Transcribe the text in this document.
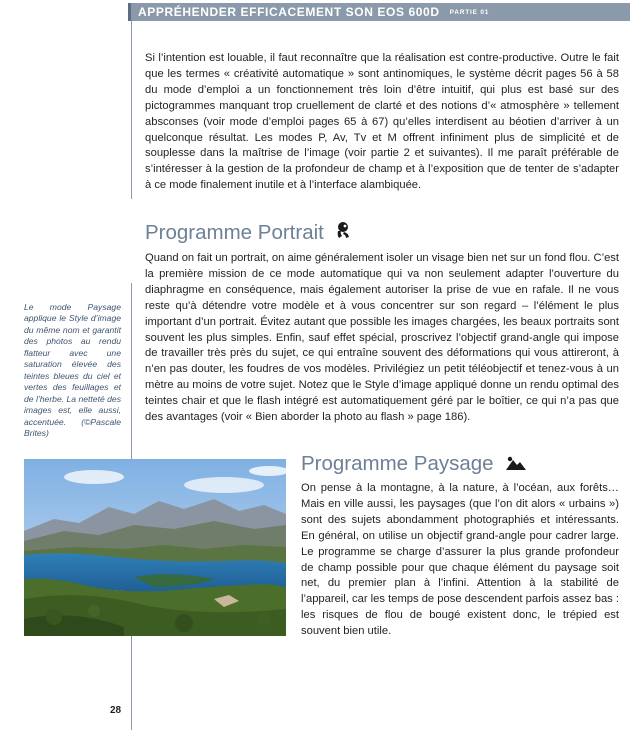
APPRÉHENDER EFFICACEMENT SON EOS 600D PARTIE 01

Si l’intention est louable, il faut reconnaître que la réalisation est contre-productive. Outre le fait que les termes « créativité automatique » sont antinomiques, le système décrit pages 56 à 58 du mode d’emploi a un fonctionnement très loin d’être intuitif, qui plus est basé sur des pictogrammes manquant trop cruellement de clarté et des notions d’« atmosphère » tellement absconses (voir mode d’emploi pages 65 à 67) qu’elles interdisent au béotien d’arriver à un quelconque résultat. Les modes P, Av, Tv et M offrent infiniment plus de simplicité et de souplesse dans la maîtrise de l’image (voir partie 2 et suivantes). Il me paraît préférable de s’intéresser à la gestion de la profondeur de champ et à l’exposition que de tenter de s’adapter à ce mode finalement inutile et à l’interface alambiquée.

Programme Portrait

Quand on fait un portrait, on aime généralement isoler un visage bien net sur un fond flou. C’est la première mission de ce mode automatique qui va non seulement adapter l’ouverture du diaphragme en conséquence, mais également autoriser la prise de vue en rafale. Il ne vous reste qu’à détendre votre modèle et à vous concentrer sur son regard – l’élément le plus important d’un portrait. Évitez autant que possible les images chargées, les beaux portraits sont souvent les plus simples. Enfin, sauf effet spécial, proscrivez l’objectif grand-angle qui impose de travailler très près du sujet, ce qui entraîne souvent des déformations qui vous attireront, à n’en pas douter, les foudres de vos modèles. Privilégiez un petit téléobjectif et tenez-vous à un mètre au moins de votre sujet. Notez que le Style d’image appliqué donne un rendu optimal des teintes chair et que le flash intégré est automatiquement géré par le boîtier, ce qui n’a pas que des avantages (voir « Bien aborder la photo au flash » page 186).

Le mode Paysage applique le Style d’image du même nom et garantit des photos au rendu flatteur avec une saturation élevée des teintes bleues du ciel et vertes des feuillages et de l’herbe. La netteté des images est, elle aussi, accentuée. (©Pascale Brites)

Programme Paysage

On pense à la montagne, à la nature, à l’océan, aux forêts… Mais en ville aussi, les paysages (que l’on dit alors « urbains ») sont des sujets abondamment photographiés et intéressants. En général, on utilise un objectif grand-angle pour cadrer large. Le programme se charge d’assurer la plus grande profondeur de champ possible pour que chaque élément du paysage soit net, du premier plan à l’infini. Attention à la stabilité de l’appareil, car les temps de pose descendent parfois assez bas : les risques de flou de bougé existent donc, le trépied est souvent bien utile.

28
